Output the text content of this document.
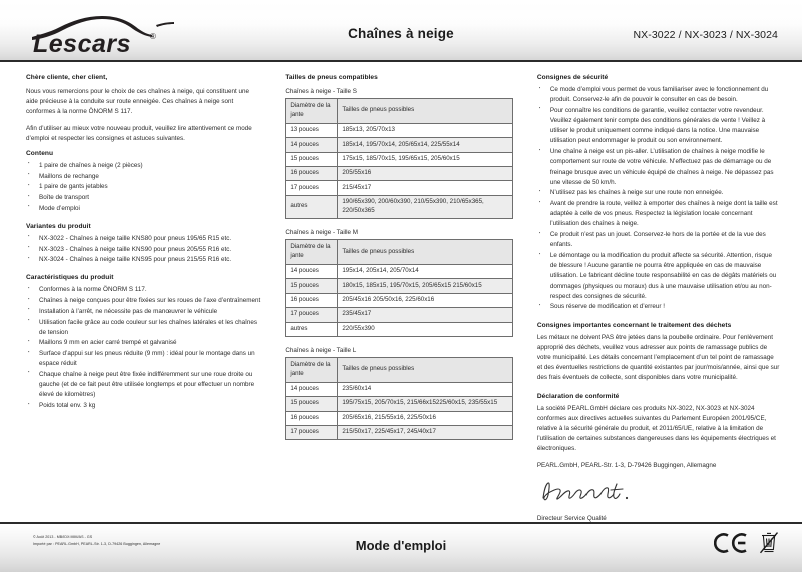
Lescars ®	Chaînes à neige	NX-3022 / NX-3023 / NX-3024
Chère cliente, cher client,

Nous vous remercions pour le choix de ces chaînes à neige, qui constituent une aide précieuse à la conduite sur route enneigée. Ces chaînes à neige sont conformes à la norme ÖNORM S 117.

Afin d’utiliser au mieux votre nouveau produit, veuillez lire attentivement ce mode d’emploi et respecter les consignes et astuces suivantes.

Contenu
▪ 1 paire de chaînes à neige (2 pièces)
▪ Maillons de rechange
▪ 1 paire de gants jetables
▪ Boîte de transport
▪ Mode d’emploi
Variantes du produit
▪ NX-3022 - Chaînes à neige taille KNS80 pour pneus 195/65 R15 etc.
▪ NX-3023 - Chaînes à neige taille KNS90 pour pneus 205/55 R16 etc.
▪ NX-3024 - Chaînes à neige taille KNS95 pour pneus 215/55 R16 etc.
Caractéristiques du produit
▪ Conformes à la norme ÖNORM S 117.
▪ Chaînes à neige conçues pour être fixées sur les roues de l’axe d’entraînement
▪ Installation à l’arrêt, ne nécessite pas de manœuvrer le véhicule
▪ Utilisation facile grâce au code couleur sur les chaînes latérales et les chaînes de tension
▪ Maillons 9 mm en acier carré trempé et galvanisé
▪ Surface d’appui sur les pneus réduite (9 mm) : idéal pour le montage dans un espace réduit
▪ Chaque chaîne à neige peut être fixée indifféremment sur une roue droite ou gauche (et de ce fait peut être utilisée longtemps et pour effectuer un nombre élevé de kilomètres)
▪ Poids total env. 3 kg
Tailles de pneus compatibles

Chaînes à neige - Taille S

Diamètre de la jante	Tailles de pneus possibles
13 pouces	185x13, 205/70x13
14 pouces	185x14, 195/70x14, 205/65x14, 225/55x14
15 pouces	175x15, 185/70x15, 195/65x15, 205/60x15
16 pouces	205/55x16
17 pouces	215/45x17
autres	190/65x390, 200/60x390, 210/55x390, 210/65x365, 220/50x365

Chaînes à neige - Taille M

Diamètre de la jante	Tailles de pneus possibles
14 pouces	195x14, 205x14, 205/70x14
15 pouces	180x15, 185x15, 195/70x15, 205/65x15 215/60x15
16 pouces	205/45x16 205/50x16, 225/60x16
17 pouces	235/45x17
autres	220/55x390

Chaînes à neige - Taille L

Diamètre de la jante	Tailles de pneus possibles
14 pouces	235/60x14
15 pouces	195/75x15, 205/70x15, 215/66x15225/60x15, 235/55x15
16 pouces	205/65x16, 215/55x16, 225/50x16
17 pouces	215/50x17, 225/45x17, 245/40x17
Consignes de sécurité
▪ Ce mode d’emploi vous permet de vous familiariser avec le fonctionnement du produit. Conservez-le afin de pouvoir le consulter en cas de besoin.
▪ Pour connaître les conditions de garantie, veuillez contacter votre revendeur. Veuillez également tenir compte des conditions générales de vente ! Veillez à utiliser le produit uniquement comme indiqué dans la notice. Une mauvaise utilisation peut endommager le produit ou son environnement.
▪ Une chaîne à neige est un pis-aller. L’utilisation de chaînes à neige modifie le comportement sur route de votre véhicule. N’effectuez pas de démarrage ou de freinage brusque avec un véhicule équipé de chaînes à neige. Ne dépassez pas une vitesse de 50 km/h.
▪ N’utilisez pas les chaînes à neige sur une route non enneigée.
▪ Avant de prendre la route, veillez à emporter des chaînes à neige dont la taille est adaptée à celle de vos pneus. Respectez la législation locale concernant l’utilisation des chaînes à neige.
▪ Ce produit n’est pas un jouet. Conservez-le hors de la portée et de la vue des enfants.
▪ Le démontage ou la modification du produit affecte sa sécurité. Attention, risque de blessure ! Aucune garantie ne pourra être appliquée en cas de mauvaise utilisation. Le fabricant décline toute responsabilité en cas de dégâts matériels ou dommages (physiques ou moraux) dus à une mauvaise utilisation et/ou au non-respect des consignes de sécurité.
▪ Sous réserve de modification et d’erreur !
Consignes importantes concernant le traitement des déchets

Les métaux ne doivent PAS être jetées dans la poubelle ordinaire. Pour l’enlèvement approprié des déchets, veuillez vous adresser aux points de ramassage publics de votre municipalité. Les détails concernant l’emplacement d’un tel point de ramassage et des éventuelles restrictions de quantité existantes par jour/mois/année, ainsi que sur des frais éventuels de collecte, sont disponibles dans votre municipalité.

Déclaration de conformité

La société PEARL.GmbH déclare ces produits NX-3022, NX-3023 et NX-3024 conformes aux directives actuelles suivantes du Parlement Européen 2001/95/CE, relative à la sécurité générale du produit, et 2011/65/UE, relative à la limitation de l’utilisation de certaines substances dangereuses dans les équipements électriques et électroniques.

PEARL.GmbH, PEARL-Str. 1-3, D-79426 Buggingen, Allemagne

Directeur Service Qualité
© Août 2013 - MB/IDX:MIM/AS - GS
Importé par : PEARL.GmbH, PEARL-Str. 1-3, D-79426 Buggingen, Allemagne	Mode d'emploi
